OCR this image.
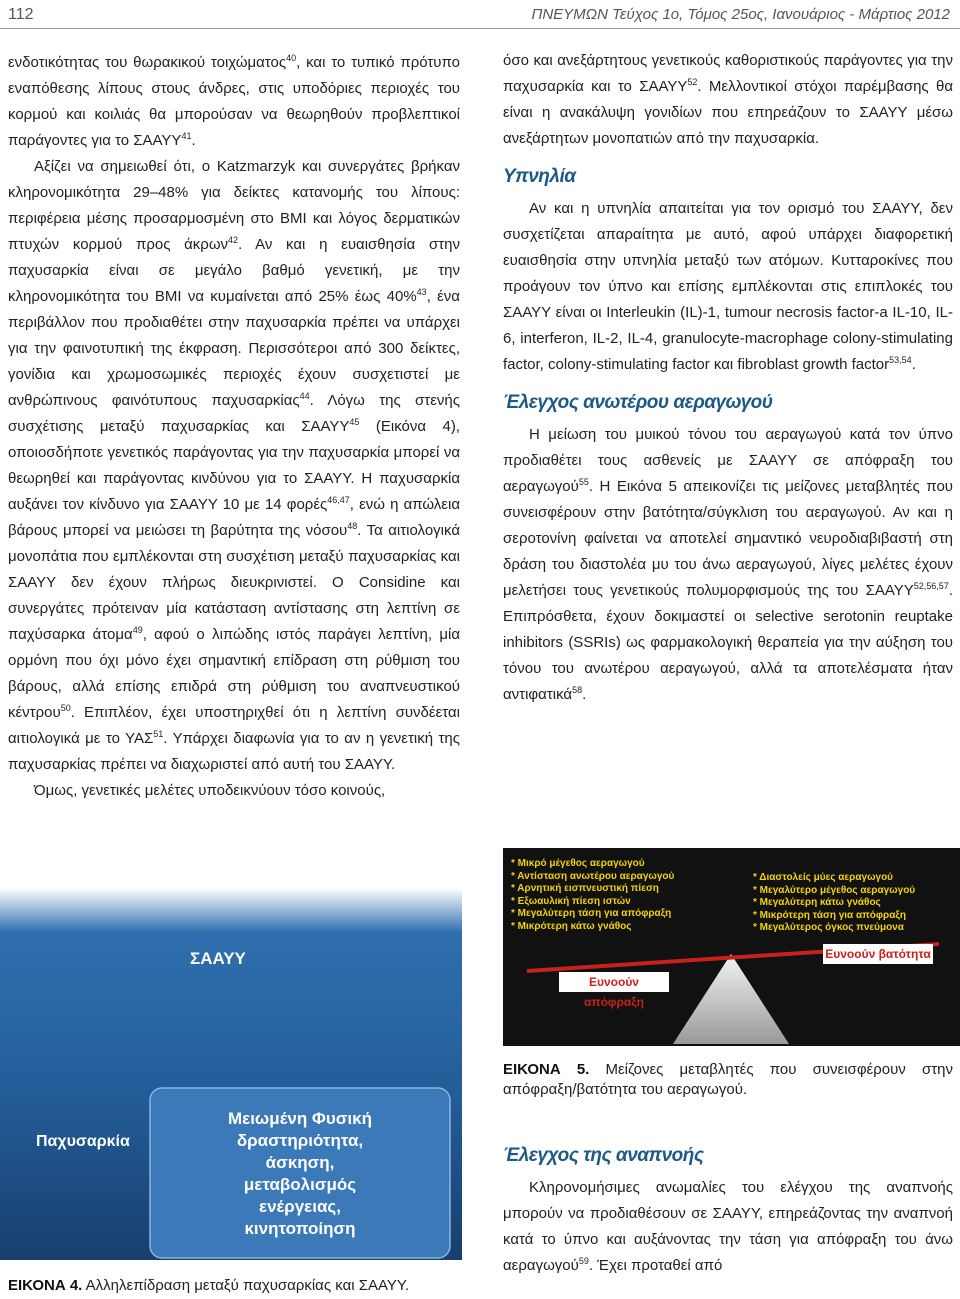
112	ΠΝΕΥΜΩΝ Τεύχος 1ο, Τόμος 25ος, Ιανουάριος - Μάρτιος 2012

ενδοτικότητας του θωρακικού τοιχώματος$^{40}$, και το τυπικό πρότυπο εναπόθεσης λίπους στους άνδρες, στις υποδόριες περιοχές του κορμού και κοιλιάς θα μπορούσαν να θεωρηθούν προβλεπτικοί παράγοντες για το ΣΑΑΥΥ$^{41}$.

Αξίζει να σημειωθεί ότι, ο Katzmarzyk και συνεργάτες βρήκαν κληρονομικότητα 29–48% για δείκτες κατανομής του λίπους: περιφέρεια μέσης προσαρμοσμένη στο BMI και λόγος δερματικών πτυχών κορμού προς άκρων$^{42}$. Αν και η ευαισθησία στην παχυσαρκία είναι σε μεγάλο βαθμό γενετική, με την κληρονομικότητα του BMI να κυμαίνεται από 25% έως 40%$^{43}$, ένα περιβάλλον που προδιαθέτει στην παχυσαρκία πρέπει να υπάρχει για την φαινοτυπική της έκφραση. Περισσότεροι από 300 δείκτες, γονίδια και χρωμοσωμικές περιοχές έχουν συσχετιστεί με ανθρώπινους φαινότυπους παχυσαρκίας$^{44}$. Λόγω της στενής συσχέτισης μεταξύ παχυσαρκίας και ΣΑΑΥΥ$^{45}$ (Εικόνα 4), οποιοσδήποτε γενετικός παράγοντας για την παχυσαρκία μπορεί να θεωρηθεί και παράγοντας κινδύνου για το ΣΑΑΥΥ. Η παχυσαρκία αυξάνει τον κίνδυνο για ΣΑΑΥΥ 10 με 14 φορές$^{46,47}$, ενώ η απώλεια βάρους μπορεί να μειώσει τη βαρύτητα της νόσου$^{48}$. Τα αιτιολογικά μονοπάτια που εμπλέκονται στη συσχέτιση μεταξύ παχυσαρκίας και ΣΑΑΥΥ δεν έχουν πλήρως διευκρινιστεί. Ο Considine και συνεργάτες πρότειναν μία κατάσταση αντίστασης στη λεπτίνη σε παχύσαρκα άτομα$^{49}$, αφού ο λιπώδης ιστός παράγει λεπτίνη, μία ορμόνη που όχι μόνο έχει σημαντική επίδραση στη ρύθμιση του βάρους, αλλά επίσης επιδρά στη ρύθμιση του αναπνευστικού κέντρου$^{50}$. Επιπλέον, έχει υποστηριχθεί ότι η λεπτίνη συνδέεται αιτιολογικά με το ΥΑΣ$^{51}$. Υπάρχει διαφωνία για το αν η γενετική της παχυσαρκίας πρέπει να διαχωριστεί από αυτή του ΣΑΑΥΥ.

Όμως, γενετικές μελέτες υποδεικνύουν τόσο κοινούς,

ΣΑΑΥΥ
Παχυσαρκία
Μειωμένη Φυσική
δραστηριότητα,
άσκηση,
μεταβολισμός
ενέργειας,
κινητοποίηση
ΕΙΚΟΝΑ 4. Αλληλεπίδραση μεταξύ παχυσαρκίας και ΣΑΑΥΥ.

όσο και ανεξάρτητους γενετικούς καθοριστικούς παράγοντες για την παχυσαρκία και το ΣΑΑΥΥ$^{52}$. Μελλοντικοί στόχοι παρέμβασης θα είναι η ανακάλυψη γονιδίων που επηρεάζουν το ΣΑΑΥΥ μέσω ανεξάρτητων μονοπατιών από την παχυσαρκία.

Υπνηλία

Αν και η υπνηλία απαιτείται για τον ορισμό του ΣΑΑΥΥ, δεν συσχετίζεται απαραίτητα με αυτό, αφού υπάρχει διαφορετική ευαισθησία στην υπνηλία μεταξύ των ατόμων. Κυτταροκίνες που προάγουν τον ύπνο και επίσης εμπλέκονται στις επιπλοκές του ΣΑΑΥΥ είναι οι Interleukin (IL)-1, tumour necrosis factor-a IL-10, IL-6, interferon, IL-2, IL-4, granulocyte-macrophage colony-stimulating factor, colony-stimulating factor και fibroblast growth factor$^{53,54}$.

Έλεγχος ανωτέρου αεραγωγού

Η μείωση του μυικού τόνου του αεραγωγού κατά τον ύπνο προδιαθέτει τους ασθενείς με ΣΑΑΥΥ σε απόφραξη του αεραγωγού$^{55}$. Η Εικόνα 5 απεικονίζει τις μείζονες μεταβλητές που συνεισφέρουν στην βατότητα/σύγκλιση του αεραγωγού. Αν και η σεροτονίνη φαίνεται να αποτελεί σημαντικό νευροδιαβιβαστή στη δράση του διαστολέα μυ του άνω αεραγωγού, λίγες μελέτες έχουν μελετήσει τους γενετικούς πολυμορφισμούς της του ΣΑΑΥΥ$^{52,56,57}$. Επιπρόσθετα, έχουν δοκιμαστεί οι selective serotonin reuptake inhibitors (SSRIs) ως φαρμακολογική θεραπεία για την αύξηση του τόνου του ανωτέρου αεραγωγού, αλλά τα αποτελέσματα ήταν αντιφατικά$^{58}$.

* Μικρό μέγεθος αεραγωγού
* Αντίσταση ανωτέρου αεραγωγού
* Αρνητική εισπνευστική πίεση
* Εξωαυλική πίεση ιστών
* Μεγαλύτερη τάση για απόφραξη
* Μικρότερη κάτω γνάθος
* Διαστολείς μύες αεραγωγού
* Μεγαλύτερο μέγεθος αεραγωγού
* Μεγαλύτερη κάτω γνάθος
* Μικρότερη τάση για απόφραξη
* Μεγαλύτερος όγκος πνεύμονα
Ευνοούν απόφραξη
Ευνοούν βατότητα
ΕΙΚΟΝΑ 5. Μείζονες μεταβλητές που συνεισφέρουν στην απόφραξη/βατότητα του αεραγωγού.
Έλεγχος της αναπνοής

Κληρονομήσιμες ανωμαλίες του ελέγχου της αναπνοής μπορούν να προδιαθέσουν σε ΣΑΑΥΥ, επηρεάζοντας την αναπνοή κατά το ύπνο και αυξάνοντας την τάση για απόφραξη του άνω αεραγωγού$^{59}$. Έχει προταθεί από
